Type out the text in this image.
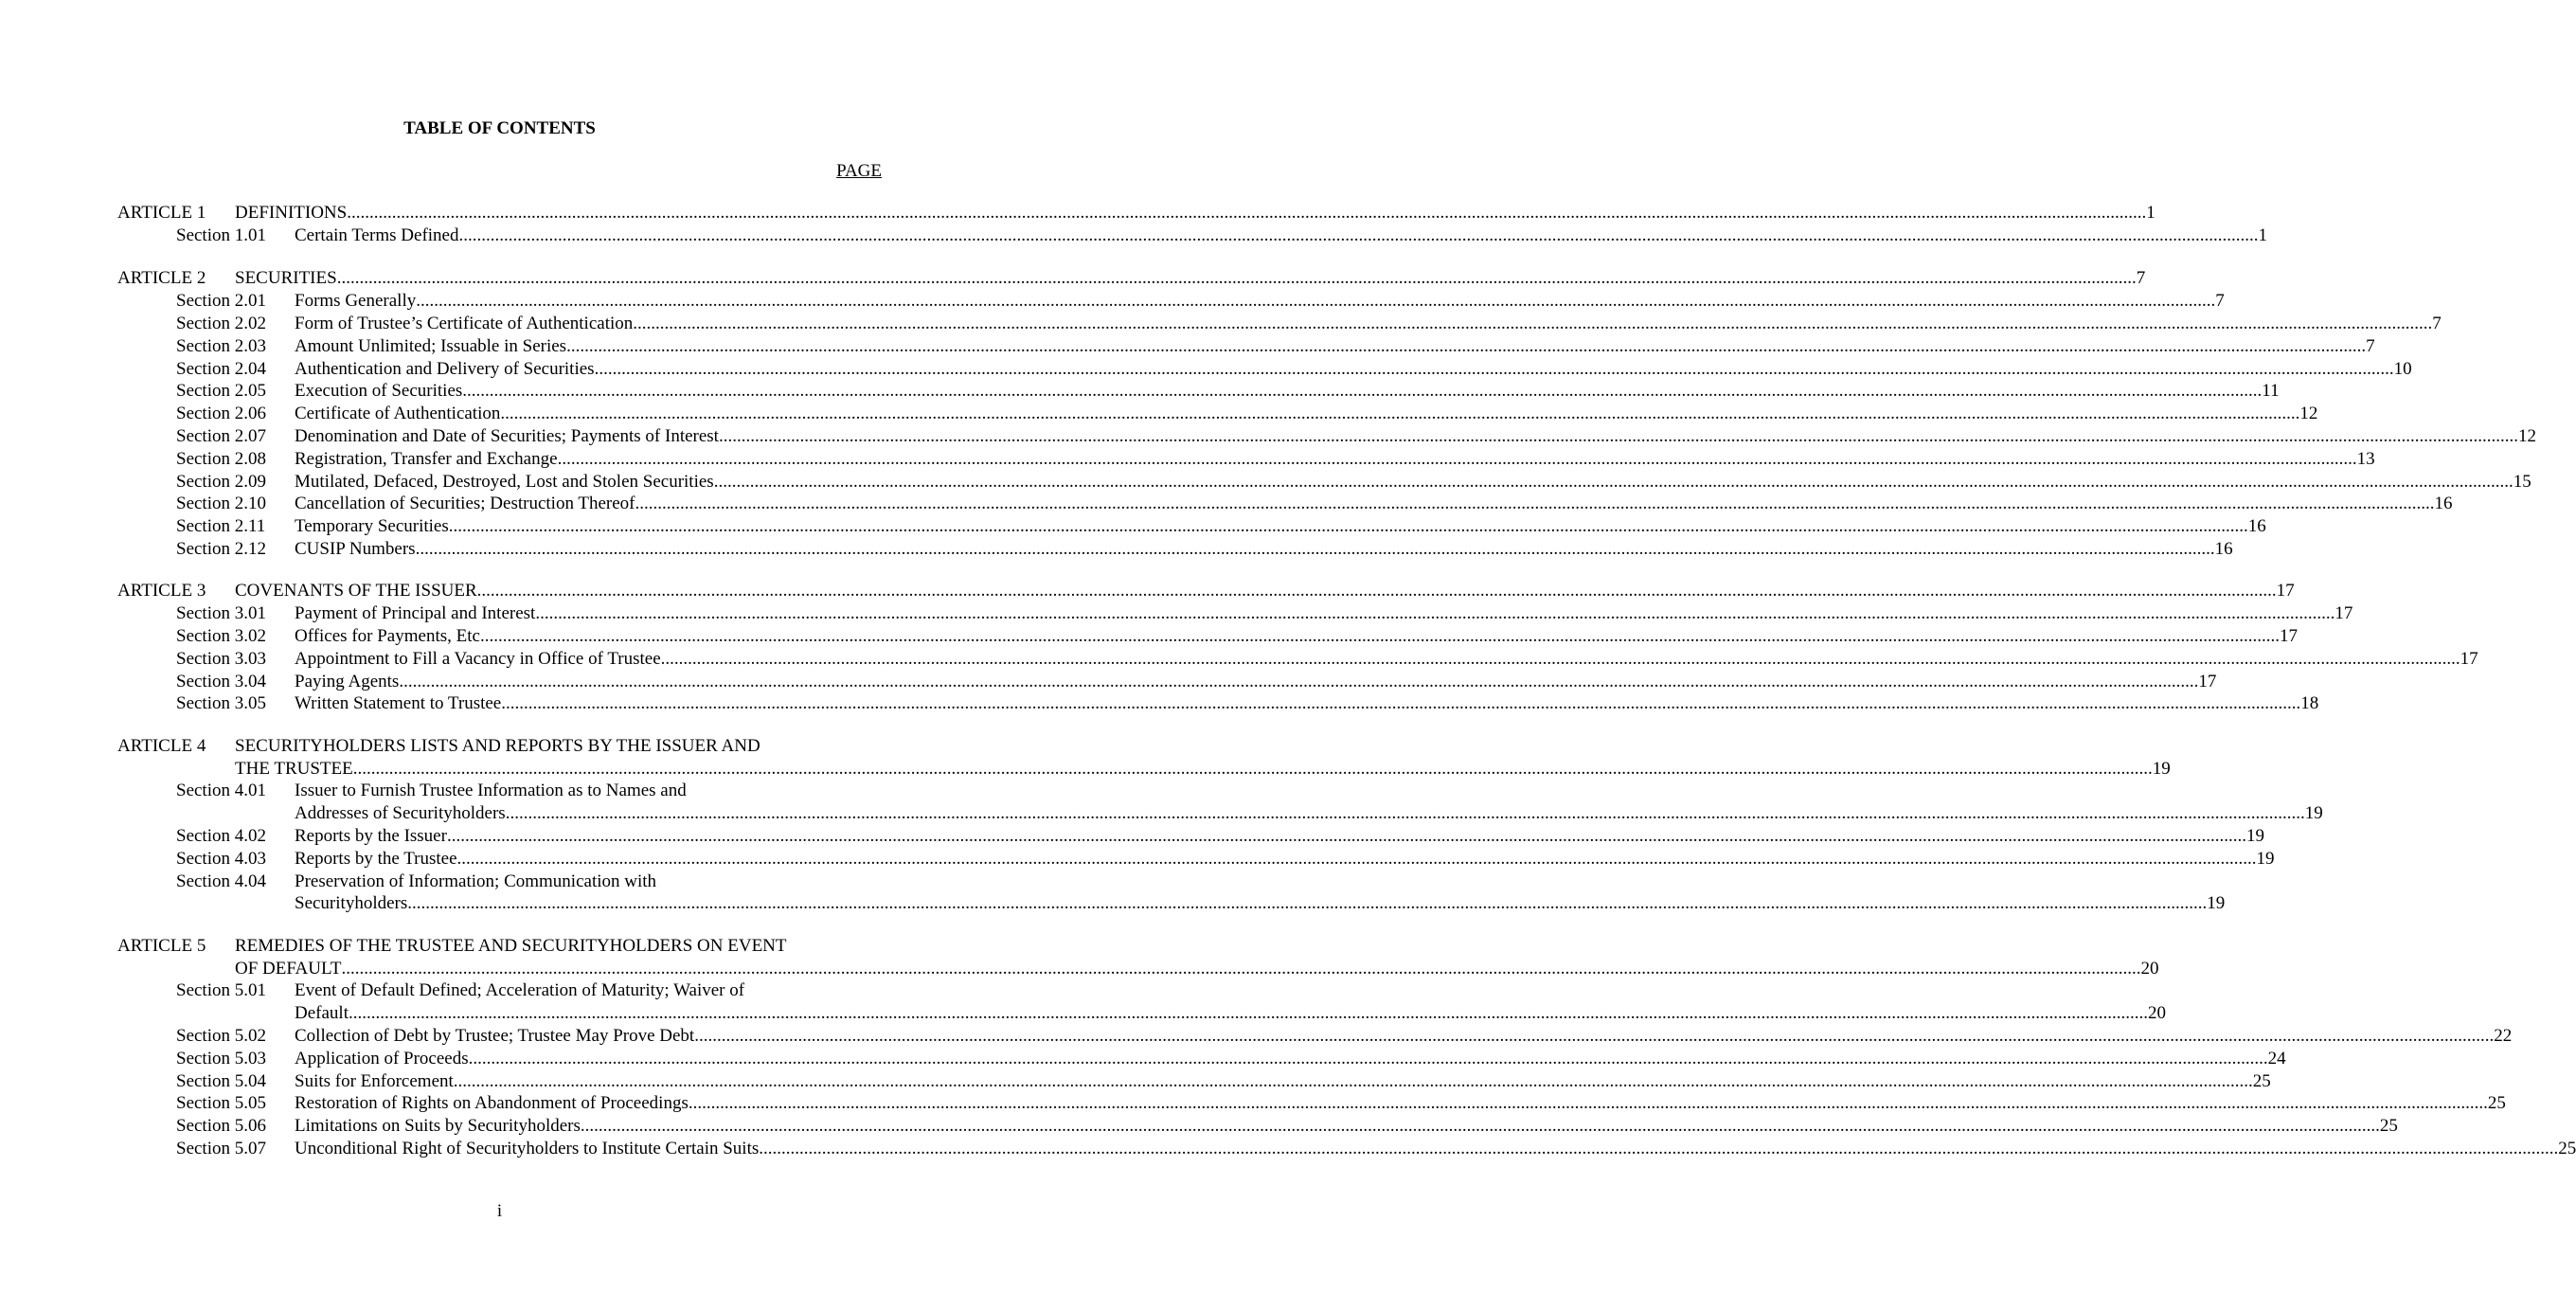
TABLE OF CONTENTS
PAGE
ARTICLE 1 DEFINITIONS ................................................................................................................................................................................................................................................................................................................................................................................................................ 1
Section 1.01 Certain Terms Defined ................................................................................................................................................................................................................................................................................................................................................................................................................ 1
ARTICLE 2 SECURITIES ................................................................................................................................................................................................................................................................................................................................................................................................................ 7
Section 2.01 Forms Generally ................................................................................................................................................................................................................................................................................................................................................................................................................ 7
Section 2.02 Form of Trustee’s Certificate of Authentication ................................................................................................................................................................................................................................................................................................................................................................................................................ 7
Section 2.03 Amount Unlimited; Issuable in Series ................................................................................................................................................................................................................................................................................................................................................................................................................ 7
Section 2.04 Authentication and Delivery of Securities ................................................................................................................................................................................................................................................................................................................................................................................................................ 10
Section 2.05 Execution of Securities ................................................................................................................................................................................................................................................................................................................................................................................................................ 11
Section 2.06 Certificate of Authentication ................................................................................................................................................................................................................................................................................................................................................................................................................ 12
Section 2.07 Denomination and Date of Securities; Payments of Interest ................................................................................................................................................................................................................................................................................................................................................................................................................ 12
Section 2.08 Registration, Transfer and Exchange ................................................................................................................................................................................................................................................................................................................................................................................................................ 13
Section 2.09 Mutilated, Defaced, Destroyed, Lost and Stolen Securities ................................................................................................................................................................................................................................................................................................................................................................................................................ 15
Section 2.10 Cancellation of Securities; Destruction Thereof ................................................................................................................................................................................................................................................................................................................................................................................................................ 16
Section 2.11 Temporary Securities ................................................................................................................................................................................................................................................................................................................................................................................................................ 16
Section 2.12 CUSIP Numbers ................................................................................................................................................................................................................................................................................................................................................................................................................ 16
ARTICLE 3 COVENANTS OF THE ISSUER ................................................................................................................................................................................................................................................................................................................................................................................................................ 17
Section 3.01 Payment of Principal and Interest ................................................................................................................................................................................................................................................................................................................................................................................................................ 17
Section 3.02 Offices for Payments, Etc ................................................................................................................................................................................................................................................................................................................................................................................................................ 17
Section 3.03 Appointment to Fill a Vacancy in Office of Trustee ................................................................................................................................................................................................................................................................................................................................................................................................................ 17
Section 3.04 Paying Agents ................................................................................................................................................................................................................................................................................................................................................................................................................ 17
Section 3.05 Written Statement to Trustee ................................................................................................................................................................................................................................................................................................................................................................................................................ 18
ARTICLE 4 SECURITYHOLDERS LISTS AND REPORTS BY THE ISSUER AND
THE TRUSTEE ................................................................................................................................................................................................................................................................................................................................................................................................................ 19
Section 4.01 Issuer to Furnish Trustee Information as to Names and
Addresses of Securityholders ................................................................................................................................................................................................................................................................................................................................................................................................................ 19
Section 4.02 Reports by the Issuer ................................................................................................................................................................................................................................................................................................................................................................................................................ 19
Section 4.03 Reports by the Trustee ................................................................................................................................................................................................................................................................................................................................................................................................................ 19
Section 4.04 Preservation of Information; Communication with
Securityholders ................................................................................................................................................................................................................................................................................................................................................................................................................ 19
ARTICLE 5 REMEDIES OF THE TRUSTEE AND SECURITYHOLDERS ON EVENT
OF DEFAULT ................................................................................................................................................................................................................................................................................................................................................................................................................ 20
Section 5.01 Event of Default Defined; Acceleration of Maturity; Waiver of
Default ................................................................................................................................................................................................................................................................................................................................................................................................................ 20
Section 5.02 Collection of Debt by Trustee; Trustee May Prove Debt ................................................................................................................................................................................................................................................................................................................................................................................................................ 22
Section 5.03 Application of Proceeds ................................................................................................................................................................................................................................................................................................................................................................................................................ 24
Section 5.04 Suits for Enforcement ................................................................................................................................................................................................................................................................................................................................................................................................................ 25
Section 5.05 Restoration of Rights on Abandonment of Proceedings ................................................................................................................................................................................................................................................................................................................................................................................................................ 25
Section 5.06 Limitations on Suits by Securityholders ................................................................................................................................................................................................................................................................................................................................................................................................................ 25
Section 5.07 Unconditional Right of Securityholders to Institute Certain Suits ................................................................................................................................................................................................................................................................................................................................................................................................................ 25
i
